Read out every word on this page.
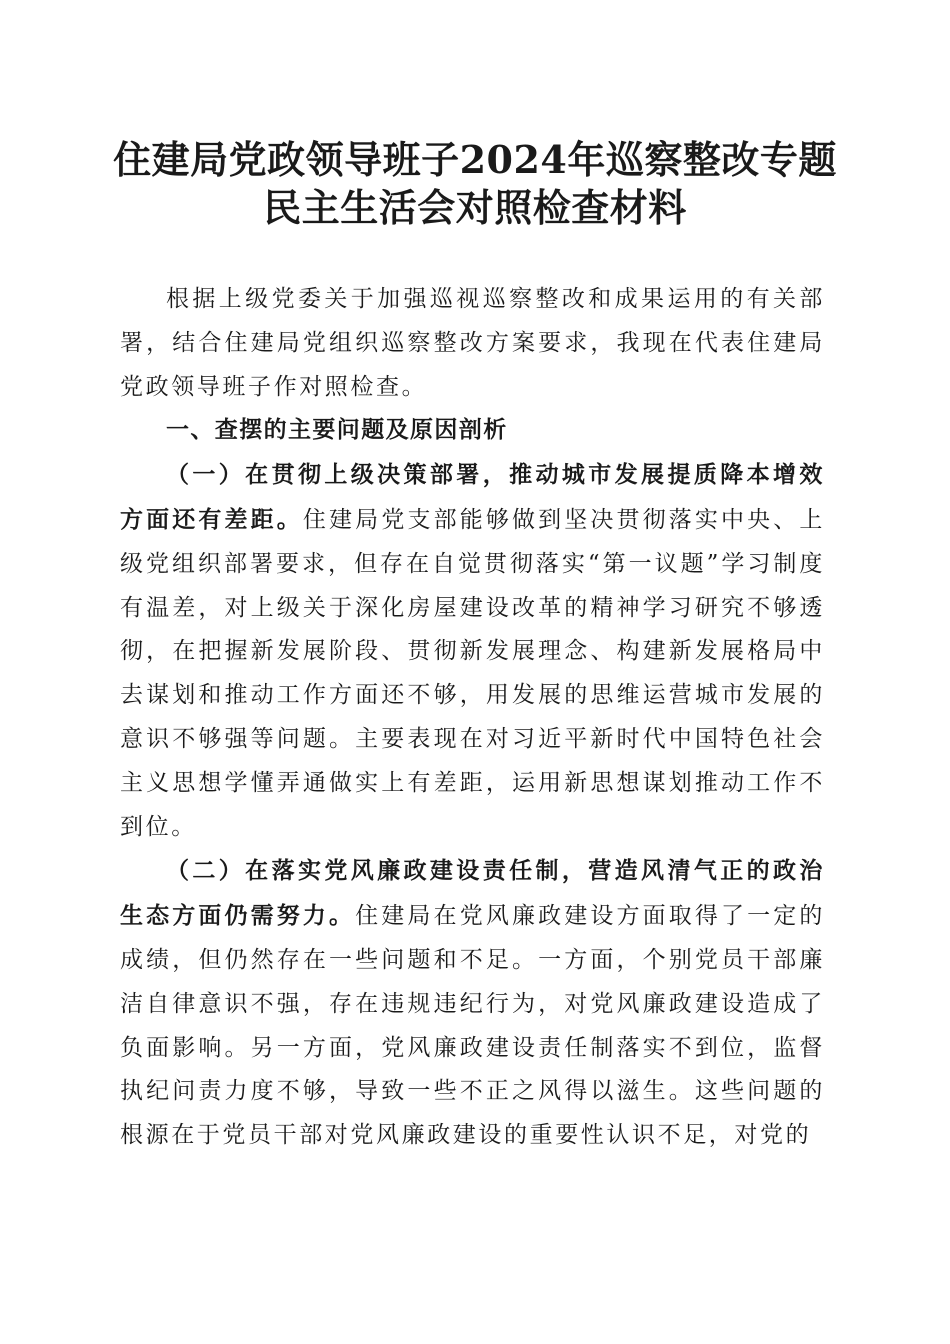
住建局党政领导班子2024年巡察整改专题民主生活会对照检查材料

根据上级党委关于加强巡视巡察整改和成果运用的有关部署，结合住建局党组织巡察整改方案要求，我现在代表住建局党政领导班子作对照检查。

一、查摆的主要问题及原因剖析

（一）在贯彻上级决策部署，推动城市发展提质降本增效方面还有差距。住建局党支部能够做到坚决贯彻落实中央、上级党组织部署要求，但存在自觉贯彻落实“第一议题”学习制度有温差，对上级关于深化房屋建设改革的精神学习研究不够透彻，在把握新发展阶段、贯彻新发展理念、构建新发展格局中去谋划和推动工作方面还不够，用发展的思维运营城市发展的意识不够强等问题。主要表现在对习近平新时代中国特色社会主义思想学懂弄通做实上有差距，运用新思想谋划推动工作不到位。

（二）在落实党风廉政建设责任制，营造风清气正的政治生态方面仍需努力。住建局在党风廉政建设方面取得了一定的成绩，但仍然存在一些问题和不足。一方面，个别党员干部廉洁自律意识不强，存在违规违纪行为，对党风廉政建设造成了负面影响。另一方面，党风廉政建设责任制落实不到位，监督执纪问责力度不够，导致一些不正之风得以滋生。这些问题的根源在于党员干部对党风廉政建设的重要性认识不足，对党的
